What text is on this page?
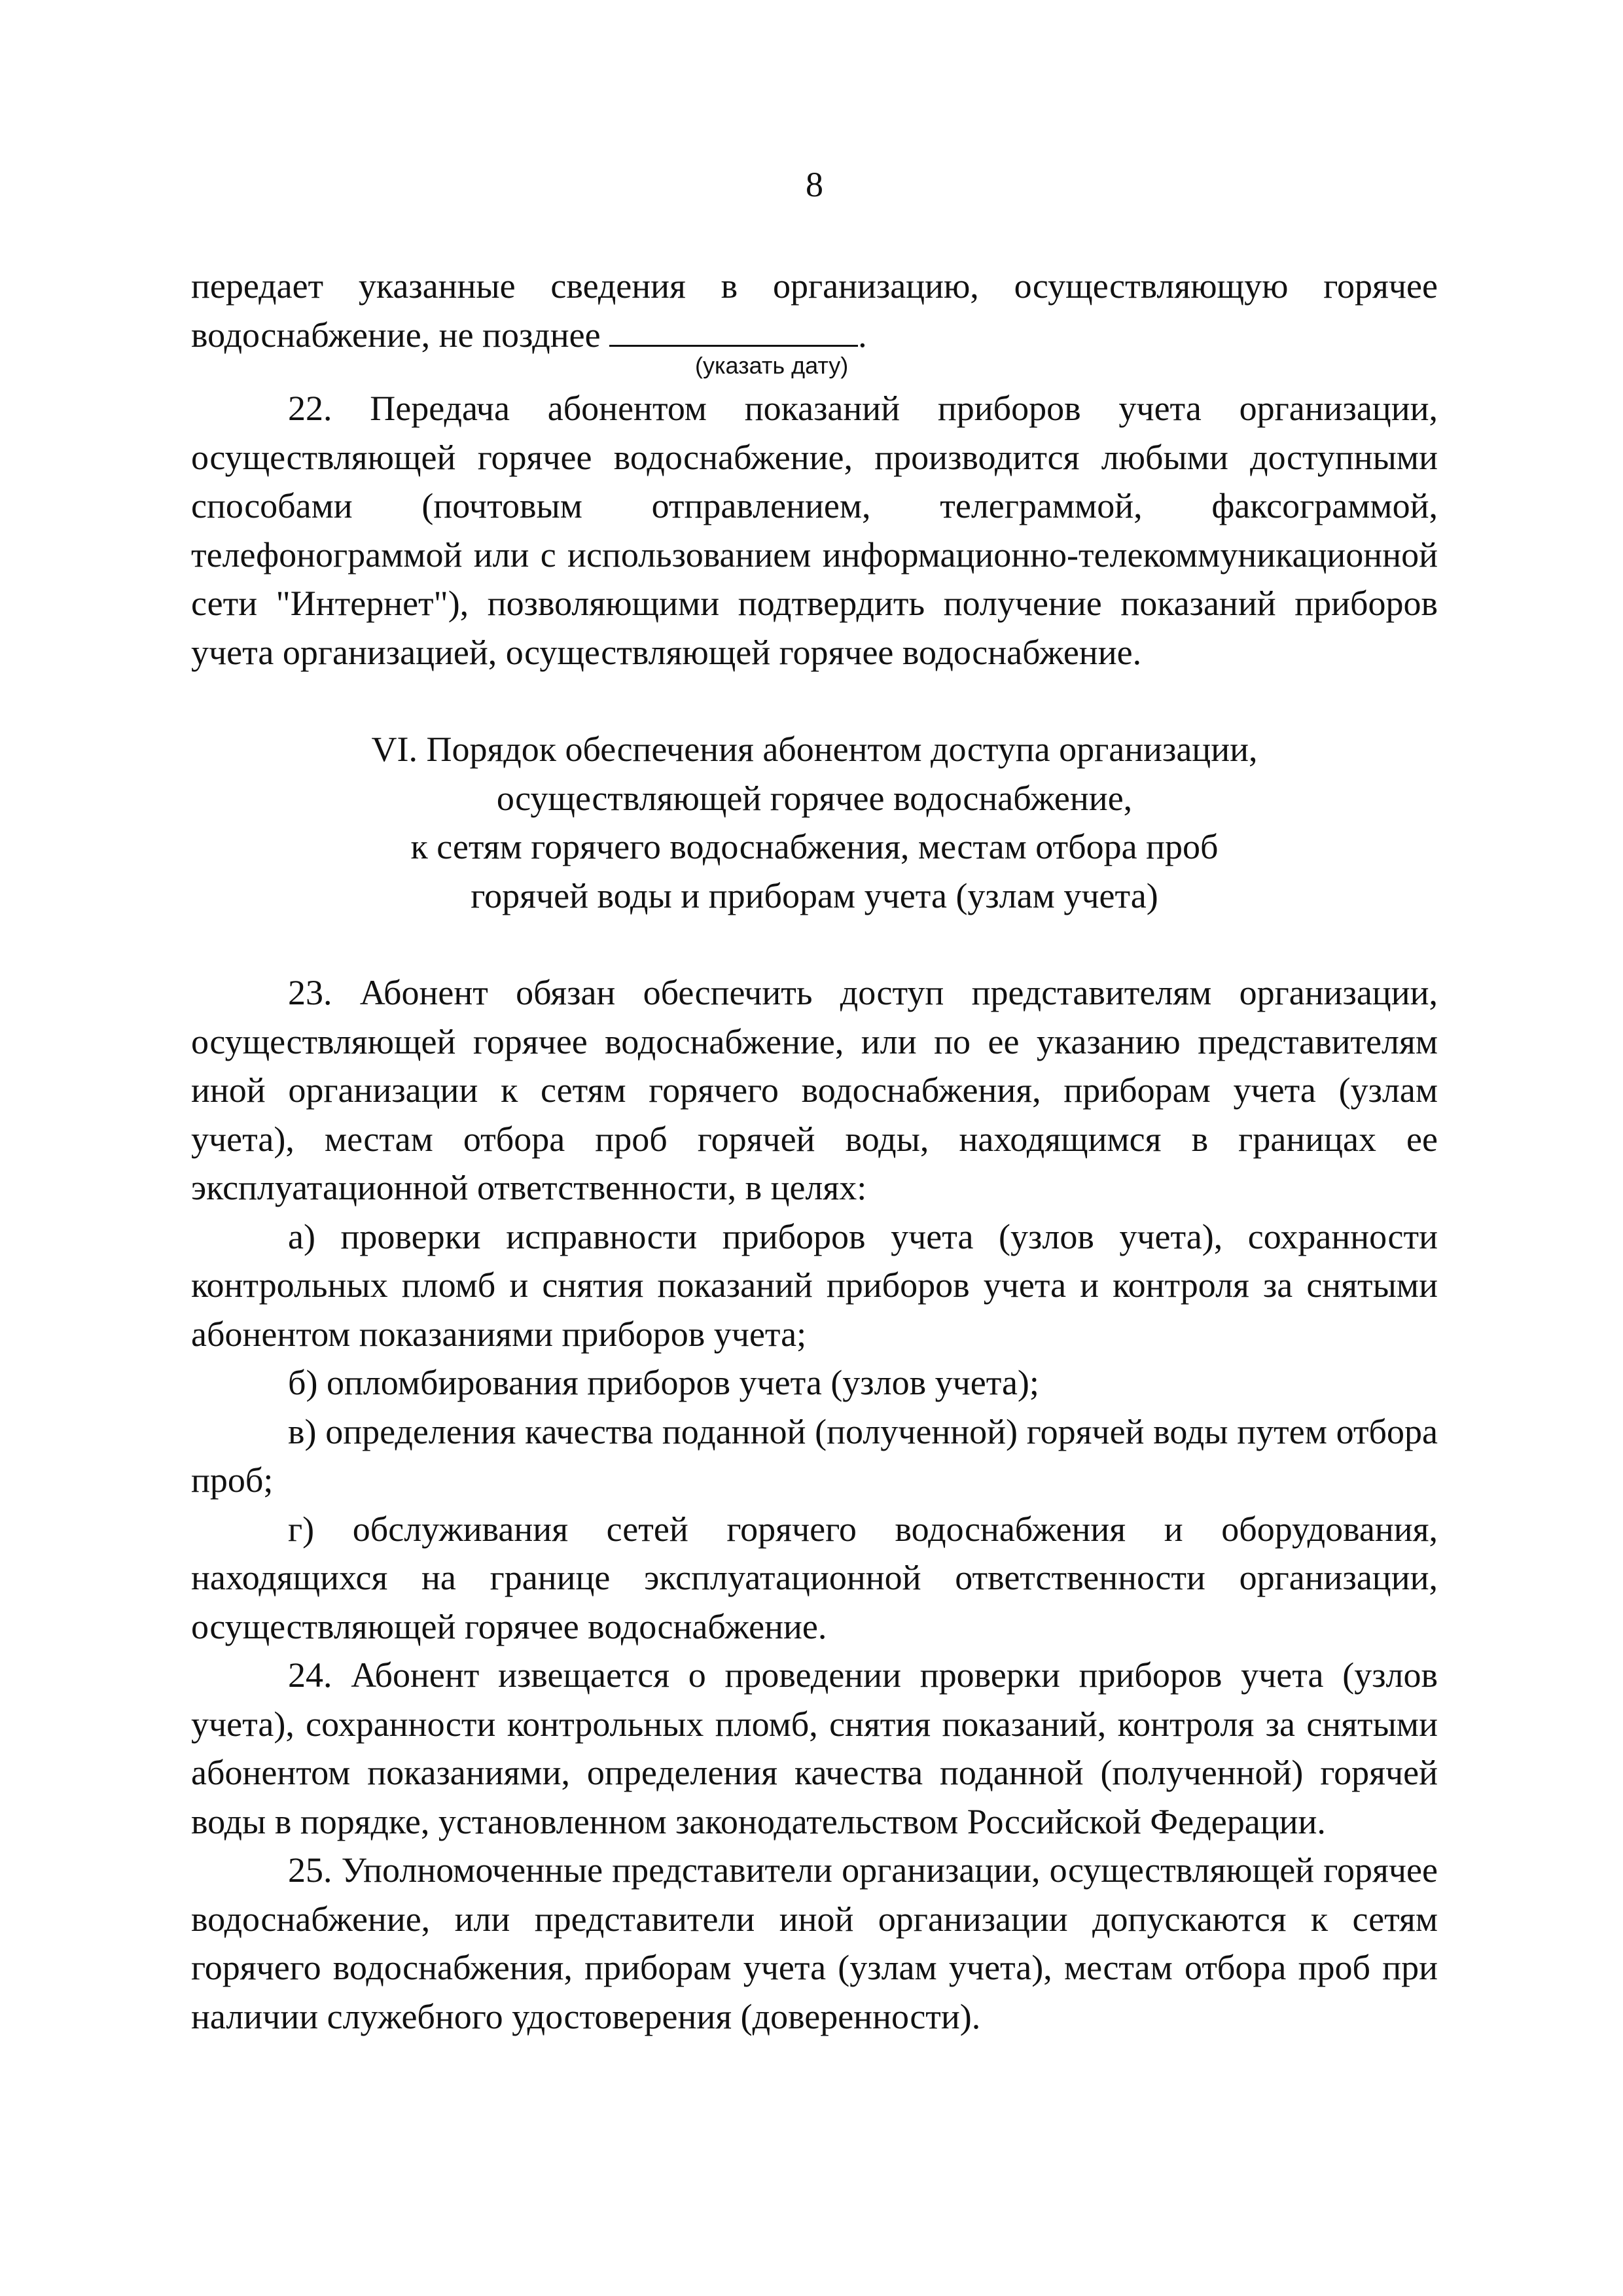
8

передает указанные сведения в организацию, осуществляющую горячее водоснабжение, не позднее	.

(указать дату)

22. Передача абонентом показаний приборов учета организации, осуществляющей горячее водоснабжение, производится любыми доступными способами (почтовым отправлением, телеграммой, факсограммой, телефонограммой или с использованием информационно-телекоммуникационной сети "Интернет"), позволяющими подтвердить получение показаний приборов учета организацией, осуществляющей горячее водоснабжение.

VI. Порядок обеспечения абонентом доступа организации,
осуществляющей горячее водоснабжение,
к сетям горячего водоснабжения, местам отбора проб
горячей воды и приборам учета (узлам учета)

23. Абонент обязан обеспечить доступ представителям организации, осуществляющей горячее водоснабжение, или по ее указанию представителям иной организации к сетям горячего водоснабжения, приборам учета (узлам учета), местам отбора проб горячей воды, находящимся в границах ее эксплуатационной ответственности, в целях:

а) проверки исправности приборов учета (узлов учета), сохранности контрольных пломб и снятия показаний приборов учета и контроля за снятыми абонентом показаниями приборов учета;

б) опломбирования приборов учета (узлов учета);

в) определения качества поданной (полученной) горячей воды путем отбора проб;

г) обслуживания сетей горячего водоснабжения и оборудования, находящихся на границе эксплуатационной ответственности организации, осуществляющей горячее водоснабжение.

24. Абонент извещается о проведении проверки приборов учета (узлов учета), сохранности контрольных пломб, снятия показаний, контроля за снятыми абонентом показаниями, определения качества поданной (полученной) горячей воды в порядке, установленном законодательством Российской Федерации.

25. Уполномоченные представители организации, осуществляющей горячее водоснабжение, или представители иной организации допускаются к сетям горячего водоснабжения, приборам учета (узлам учета), местам отбора проб при наличии служебного удостоверения (доверенности).
